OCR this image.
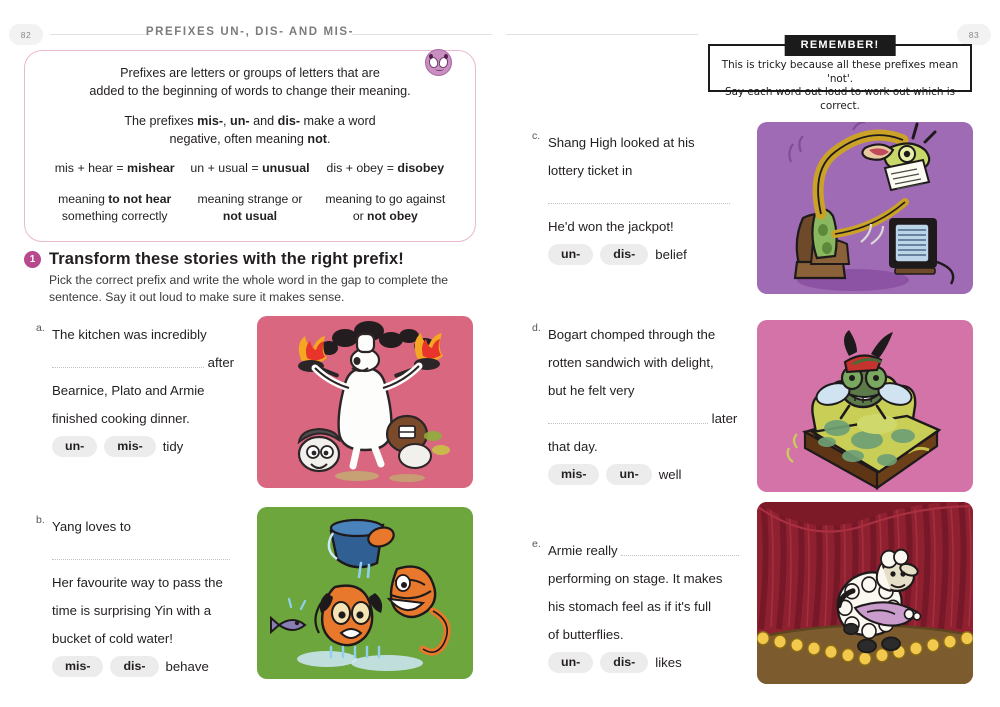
82	PREFIXES UN-, DIS- AND MIS-
Prefixes are letters or groups of letters that are
added to the beginning of words to change their meaning.
The prefixes mis-, un- and dis- make a word
negative, often meaning not.
mis + hear = mishear
meaning to not hear
something correctly
un + usual = unusual
meaning strange or
not usual
dis + obey = disobey
meaning to go against
or not obey
1 Transform these stories with the right prefix!
Pick the correct prefix and write the whole word in the gap to complete the sentence. Say it out loud to make sure it makes sense.
a. The kitchen was incredibly
after
Bearnice, Plato and Armie
finished cooking dinner.
un-	mis-	tidy
b. Yang loves to
Her favourite way to pass the
time is surprising Yin with a
bucket of cold water!
mis-	dis-	behave
83
REMEMBER!
This is tricky because all these prefixes mean 'not'.
Say each word out loud to work out which is correct.
c. Shang High looked at his
lottery ticket in
He'd won the jackpot!
un-	dis-	belief
d. Bogart chomped through the
rotten sandwich with delight,
but he felt very
later
that day.
mis-	un-	well
e. Armie really
performing on stage. It makes
his stomach feel as if it's full
of butterflies.
un-	dis-	likes
